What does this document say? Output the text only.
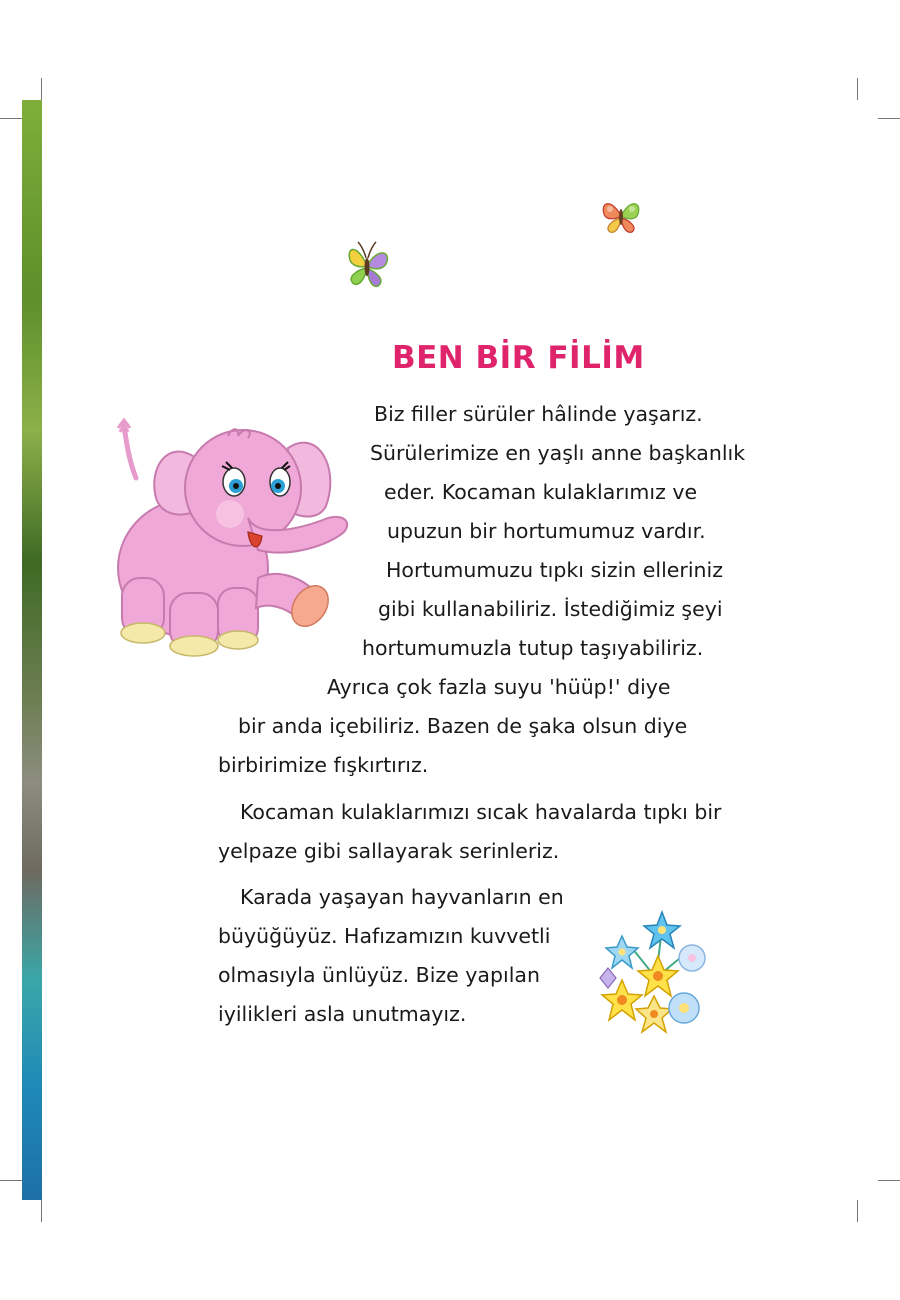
BEN BİR FİLİM

Biz filler sürüler hâlinde yaşarız.

Sürülerimize en yaşlı anne başkanlık

eder. Kocaman kulaklarımız ve

upuzun bir hortumumuz vardır.

Hortumumuzu tıpkı sizin elleriniz

gibi kullanabiliriz. İstediğimiz şeyi

hortumumuzla tutup taşıyabiliriz.

Ayrıca çok fazla suyu 'hüüp!' diye

bir anda içebiliriz. Bazen de şaka olsun diye

birbirimize fışkırtırız.

Kocaman kulaklarımızı sıcak havalarda tıpkı bir

yelpaze gibi sallayarak serinleriz.

Karada yaşayan hayvanların en

büyüğüyüz. Hafızamızın kuvvetli

olmasıyla ünlüyüz. Bize yapılan

iyilikleri asla unutmayız.
